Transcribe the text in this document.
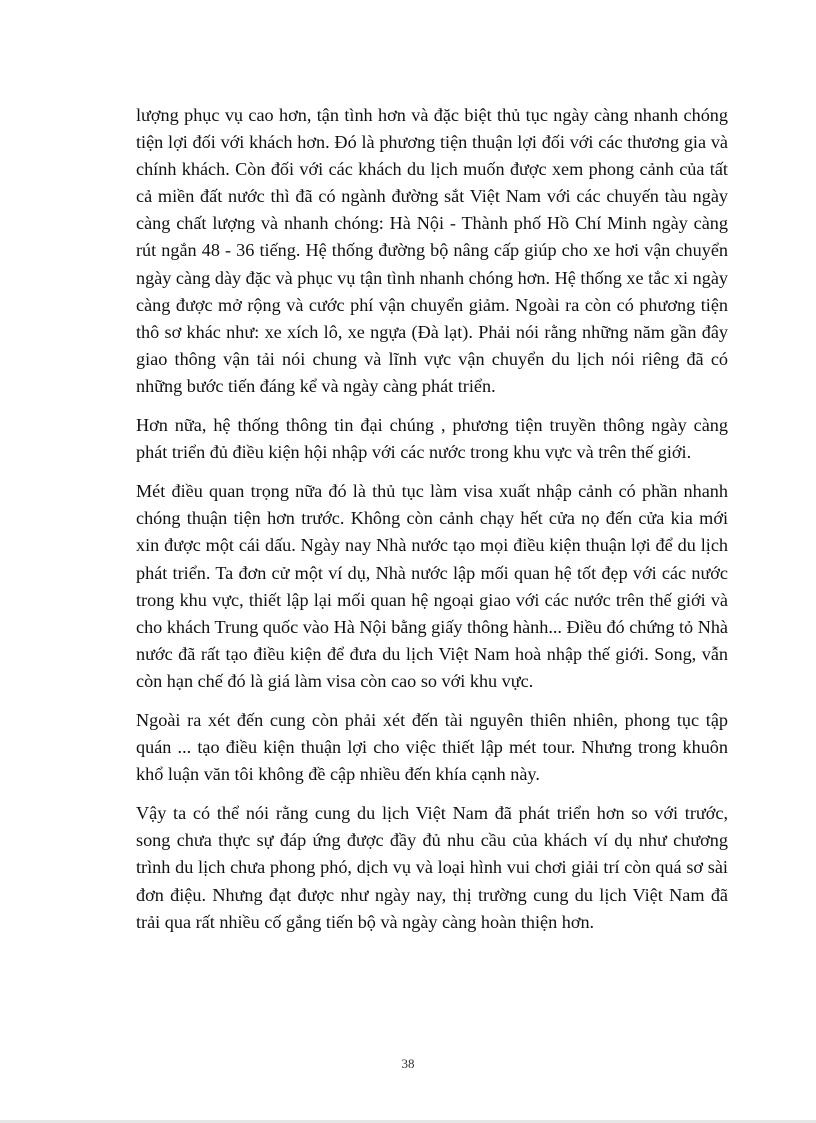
lượng phục vụ cao hơn, tận tình hơn và đặc biệt thủ tục ngày càng nhanh chóng tiện lợi đối với khách hơn. Đó là phương tiện thuận lợi đối với các thương gia và chính khách. Còn đối với các khách du lịch muốn được xem phong cảnh của tất cả miền đất nước thì đã có ngành đường sắt Việt Nam với các chuyến tàu ngày càng chất lượng và nhanh chóng: Hà Nội - Thành phố Hồ Chí Minh ngày càng rút ngắn 48 - 36 tiếng. Hệ thống đường bộ nâng cấp giúp cho xe hơi vận chuyển ngày càng dày đặc và phục vụ tận tình nhanh chóng hơn. Hệ thống xe tắc xi ngày càng được mở rộng và cước phí vận chuyển giảm. Ngoài ra còn có phương tiện thô sơ khác như: xe xích lô, xe ngựa (Đà lạt). Phải nói rằng những năm gần đây giao thông vận tải nói chung và lĩnh vực vận chuyển du lịch nói riêng đã có những bước tiến đáng kể và ngày càng phát triển.

Hơn nữa, hệ thống thông tin đại chúng , phương tiện truyền thông ngày càng phát triển đủ điều kiện hội nhập với các nước trong khu vực và trên thế giới.

Mét điều quan trọng nữa đó là thủ tục làm visa xuất nhập cảnh có phần nhanh chóng thuận tiện hơn trước. Không còn cảnh chạy hết cửa nọ đến cửa kia mới xin được một cái dấu. Ngày nay Nhà nước tạo mọi điều kiện thuận lợi để du lịch phát triển. Ta đơn cử một ví dụ, Nhà nước lập mối quan hệ tốt đẹp với các nước trong khu vực, thiết lập lại mối quan hệ ngoại giao với các nước trên thế giới và cho khách Trung quốc vào Hà Nội bằng giấy thông hành... Điều đó chứng tỏ Nhà nước đã rất tạo điều kiện để đưa du lịch Việt Nam hoà nhập thế giới. Song, vẫn còn hạn chế đó là giá làm visa còn cao so với khu vực.

Ngoài ra xét đến cung còn phải xét đến tài nguyên thiên nhiên, phong tục tập quán ... tạo điều kiện thuận lợi cho việc thiết lập mét tour. Nhưng trong khuôn khổ luận văn tôi không đề cập nhiều đến khía cạnh này.

Vậy ta có thể nói rằng cung du lịch Việt Nam đã phát triển hơn so với trước, song chưa thực sự đáp ứng được đầy đủ nhu cầu của khách ví dụ như chương trình du lịch chưa phong phó, dịch vụ và loại hình vui chơi giải trí còn quá sơ sài đơn điệu. Nhưng đạt được như ngày nay, thị trường cung du lịch Việt Nam đã trải qua rất nhiều cố gắng tiến bộ và ngày càng hoàn thiện hơn.

38
